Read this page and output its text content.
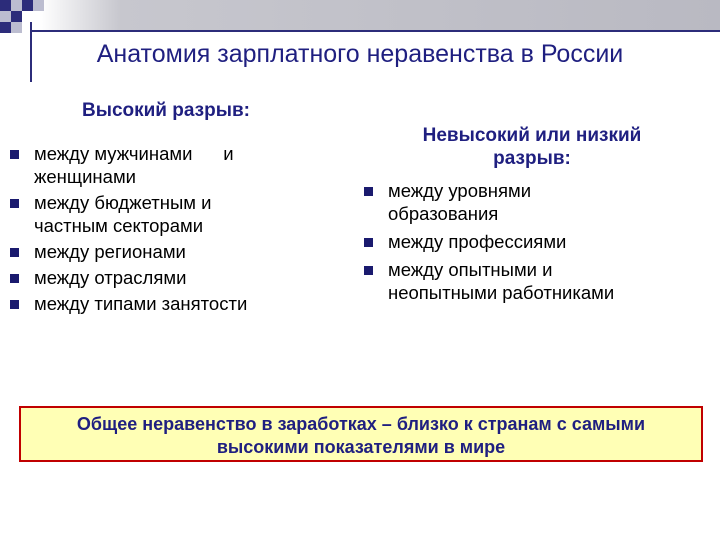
Анатомия зарплатного неравенства в России
Высокий разрыв:
между мужчинами      и
женщинами
между бюджетным и
частным секторами
между регионами
между отраслями
между типами занятости
Невысокий или низкий
разрыв:
между уровнями
образования
между профессиями
между опытными и
неопытными работниками
Общее неравенство в заработках – близко к странам с самыми
высокими показателями в мире
